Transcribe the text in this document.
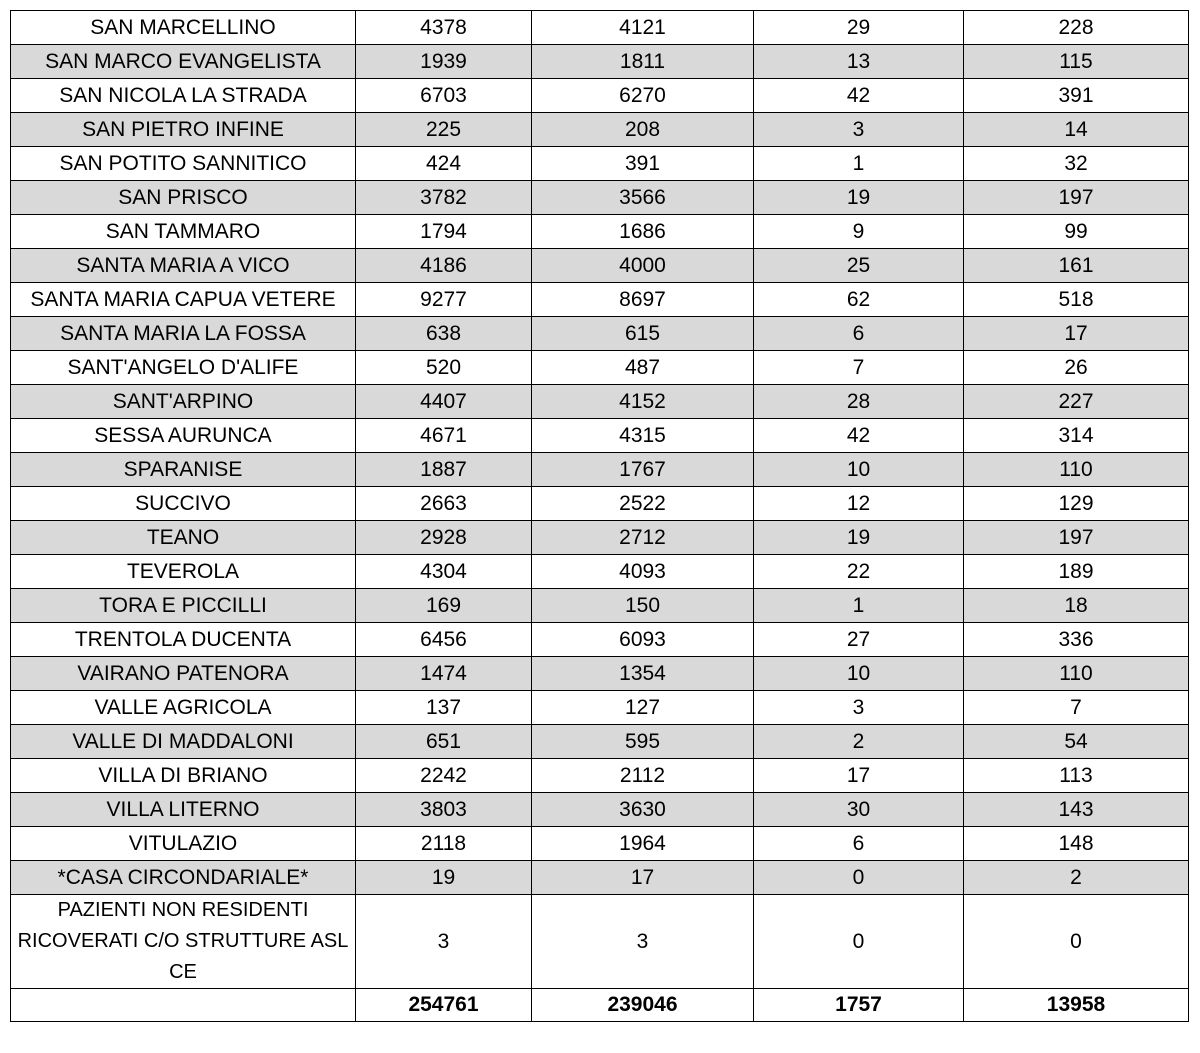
SAN MARCELLINO	4378	4121	29	228
SAN MARCO EVANGELISTA	1939	1811	13	115
SAN NICOLA LA STRADA	6703	6270	42	391
SAN PIETRO INFINE	225	208	3	14
SAN POTITO SANNITICO	424	391	1	32
SAN PRISCO	3782	3566	19	197
SAN TAMMARO	1794	1686	9	99
SANTA MARIA A VICO	4186	4000	25	161
SANTA MARIA CAPUA VETERE	9277	8697	62	518
SANTA MARIA LA FOSSA	638	615	6	17
SANT'ANGELO D'ALIFE	520	487	7	26
SANT'ARPINO	4407	4152	28	227
SESSA AURUNCA	4671	4315	42	314
SPARANISE	1887	1767	10	110
SUCCIVO	2663	2522	12	129
TEANO	2928	2712	19	197
TEVEROLA	4304	4093	22	189
TORA E PICCILLI	169	150	1	18
TRENTOLA DUCENTA	6456	6093	27	336
VAIRANO PATENORA	1474	1354	10	110
VALLE AGRICOLA	137	127	3	7
VALLE DI MADDALONI	651	595	2	54
VILLA DI BRIANO	2242	2112	17	113
VILLA LITERNO	3803	3630	30	143
VITULAZIO	2118	1964	6	148
*CASA CIRCONDARIALE*	19	17	0	2
PAZIENTI NON RESIDENTI RICOVERATI C/O STRUTTURE ASL CE	3	3	0	0
	254761	239046	1757	13958
